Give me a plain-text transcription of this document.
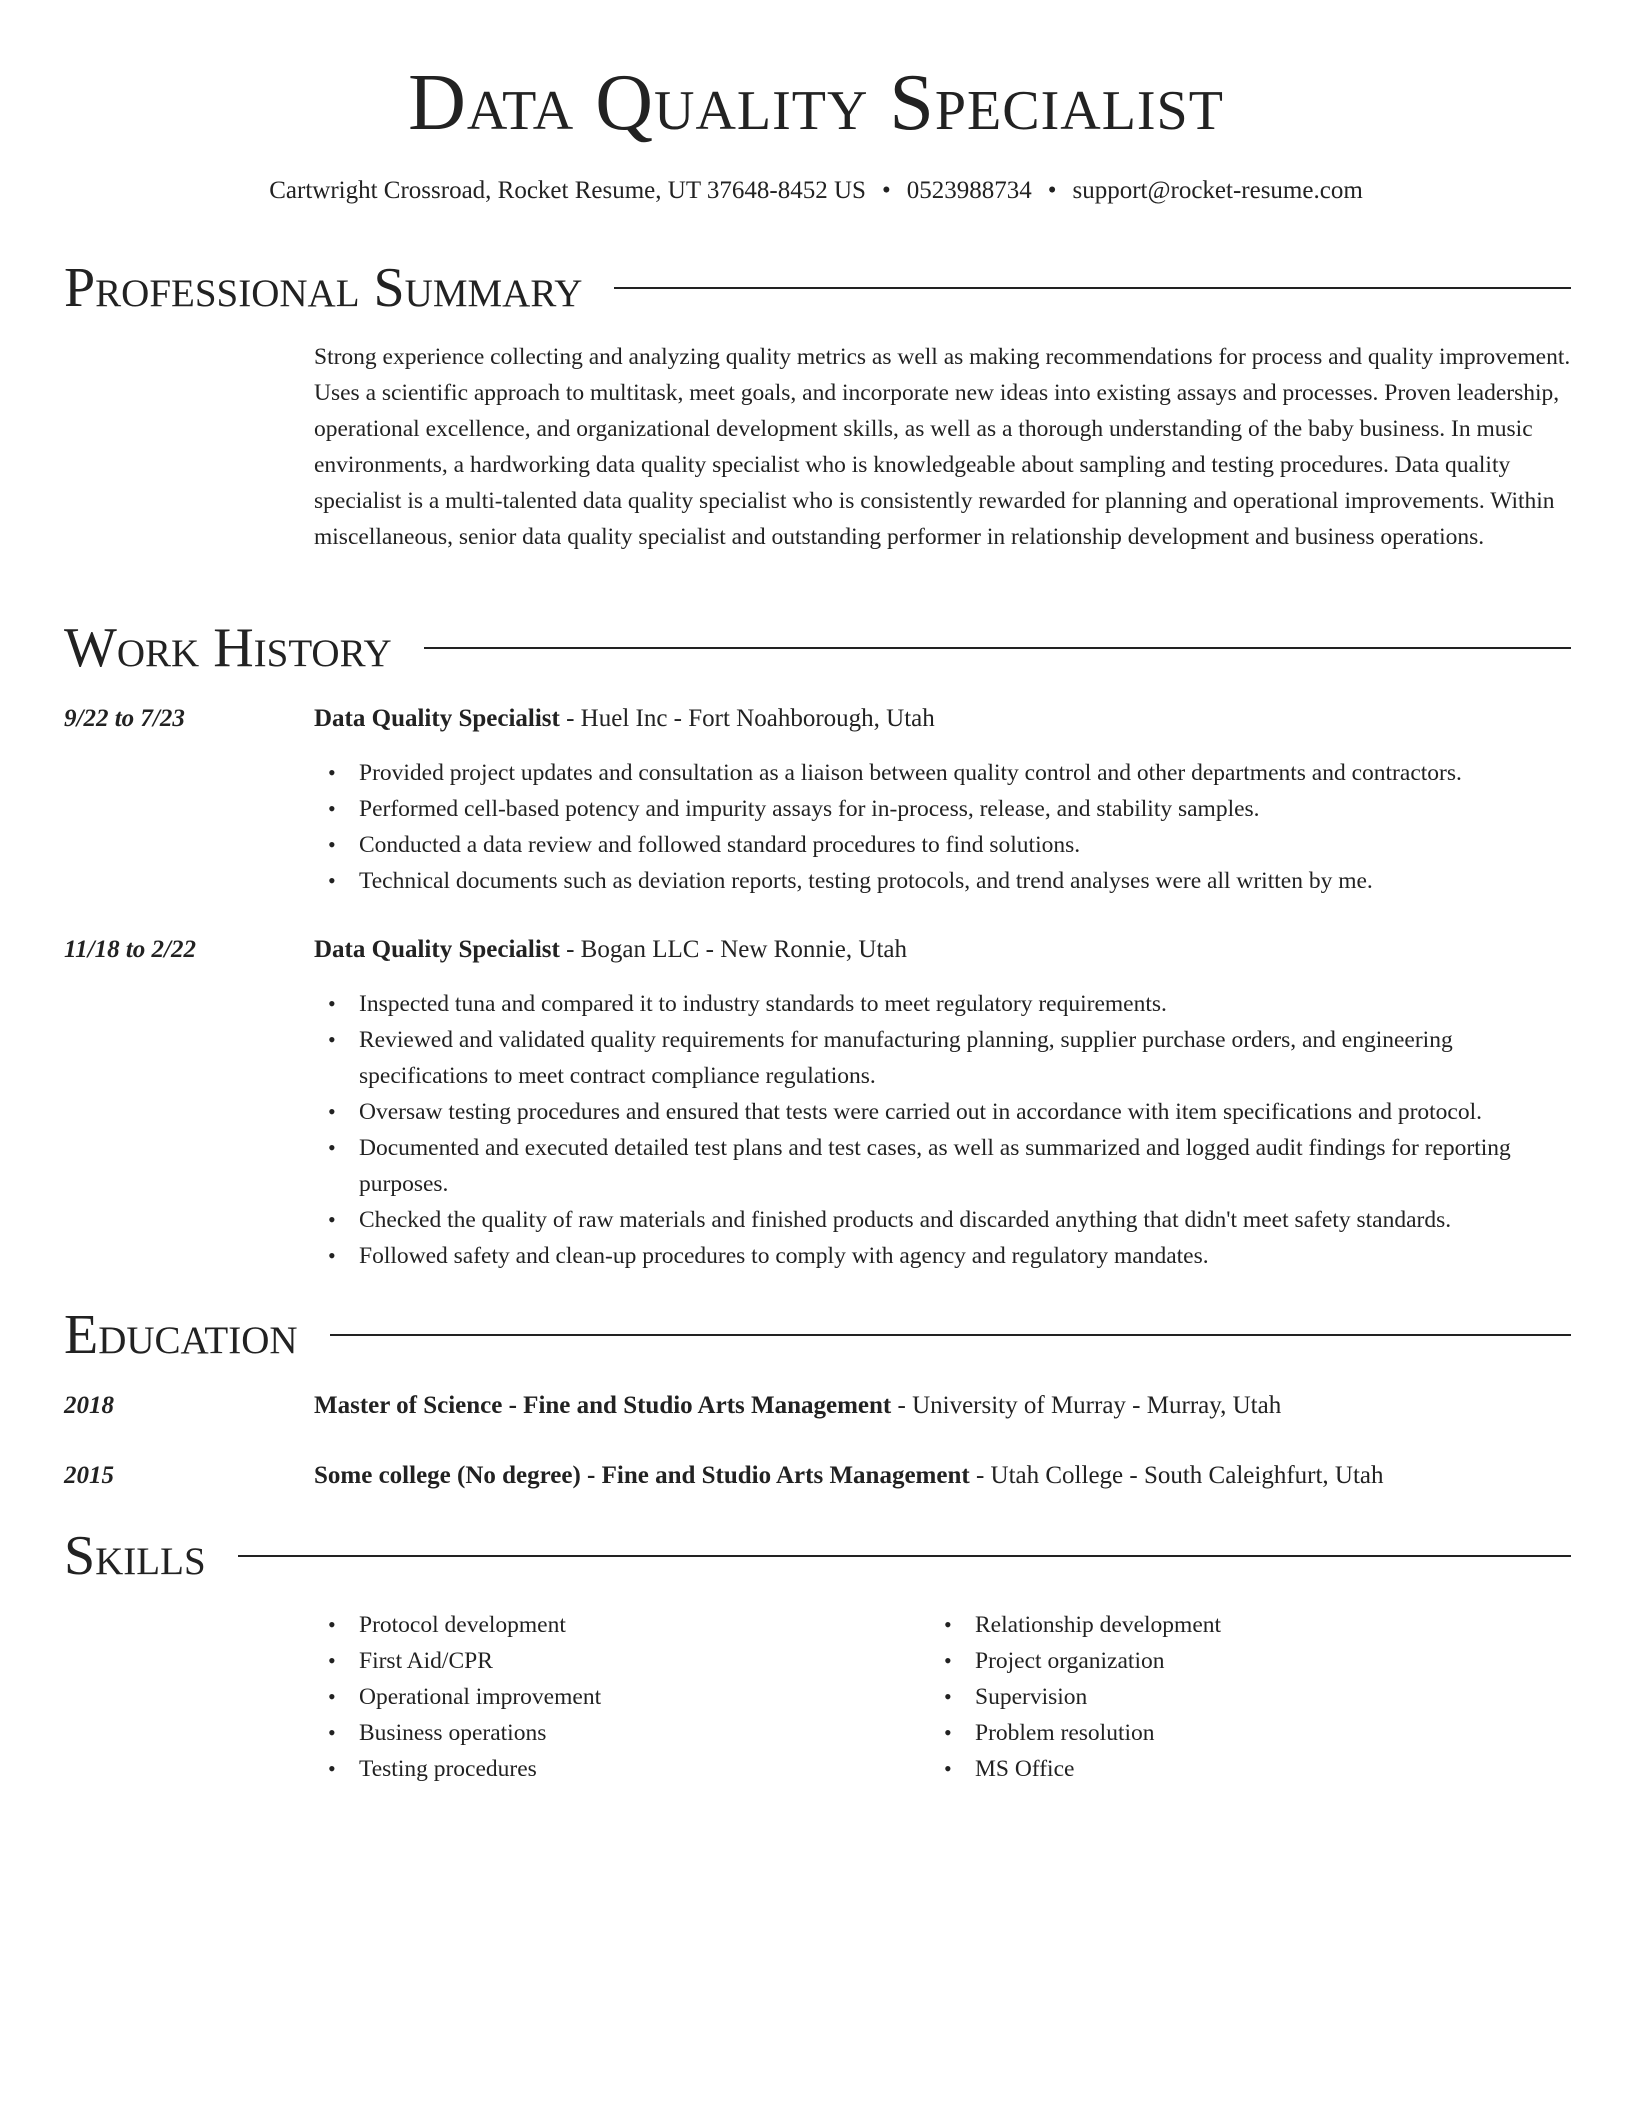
Data Quality Specialist
Cartwright Crossroad, Rocket Resume, UT 37648-8452 US • 0523988734 • support@rocket-resume.com
Professional Summary

Strong experience collecting and analyzing quality metrics as well as making recommendations for process and quality improvement. Uses a scientific approach to multitask, meet goals, and incorporate new ideas into existing assays and processes. Proven leadership, operational excellence, and organizational development skills, as well as a thorough understanding of the baby business. In music environments, a hardworking data quality specialist who is knowledgeable about sampling and testing procedures. Data quality specialist is a multi-talented data quality specialist who is consistently rewarded for planning and operational improvements. Within miscellaneous, senior data quality specialist and outstanding performer in relationship development and business operations.

Work History
9/22 to 7/23	Data Quality Specialist - Huel Inc - Fort Noahborough, Utah
• Provided project updates and consultation as a liaison between quality control and other departments and contractors.
• Performed cell-based potency and impurity assays for in-process, release, and stability samples.
• Conducted a data review and followed standard procedures to find solutions.
• Technical documents such as deviation reports, testing protocols, and trend analyses were all written by me.
11/18 to 2/22	Data Quality Specialist - Bogan LLC - New Ronnie, Utah
• Inspected tuna and compared it to industry standards to meet regulatory requirements.
• Reviewed and validated quality requirements for manufacturing planning, supplier purchase orders, and engineering specifications to meet contract compliance regulations.
• Oversaw testing procedures and ensured that tests were carried out in accordance with item specifications and protocol.
• Documented and executed detailed test plans and test cases, as well as summarized and logged audit findings for reporting purposes.
• Checked the quality of raw materials and finished products and discarded anything that didn't meet safety standards.
• Followed safety and clean-up procedures to comply with agency and regulatory mandates.
Education
2018	Master of Science - Fine and Studio Arts Management - University of Murray - Murray, Utah
2015	Some college (No degree) - Fine and Studio Arts Management - Utah College - South Caleighfurt, Utah
Skills
• Protocol development
• First Aid/CPR
• Operational improvement
• Business operations
• Testing procedures
• Relationship development
• Project organization
• Supervision
• Problem resolution
• MS Office
